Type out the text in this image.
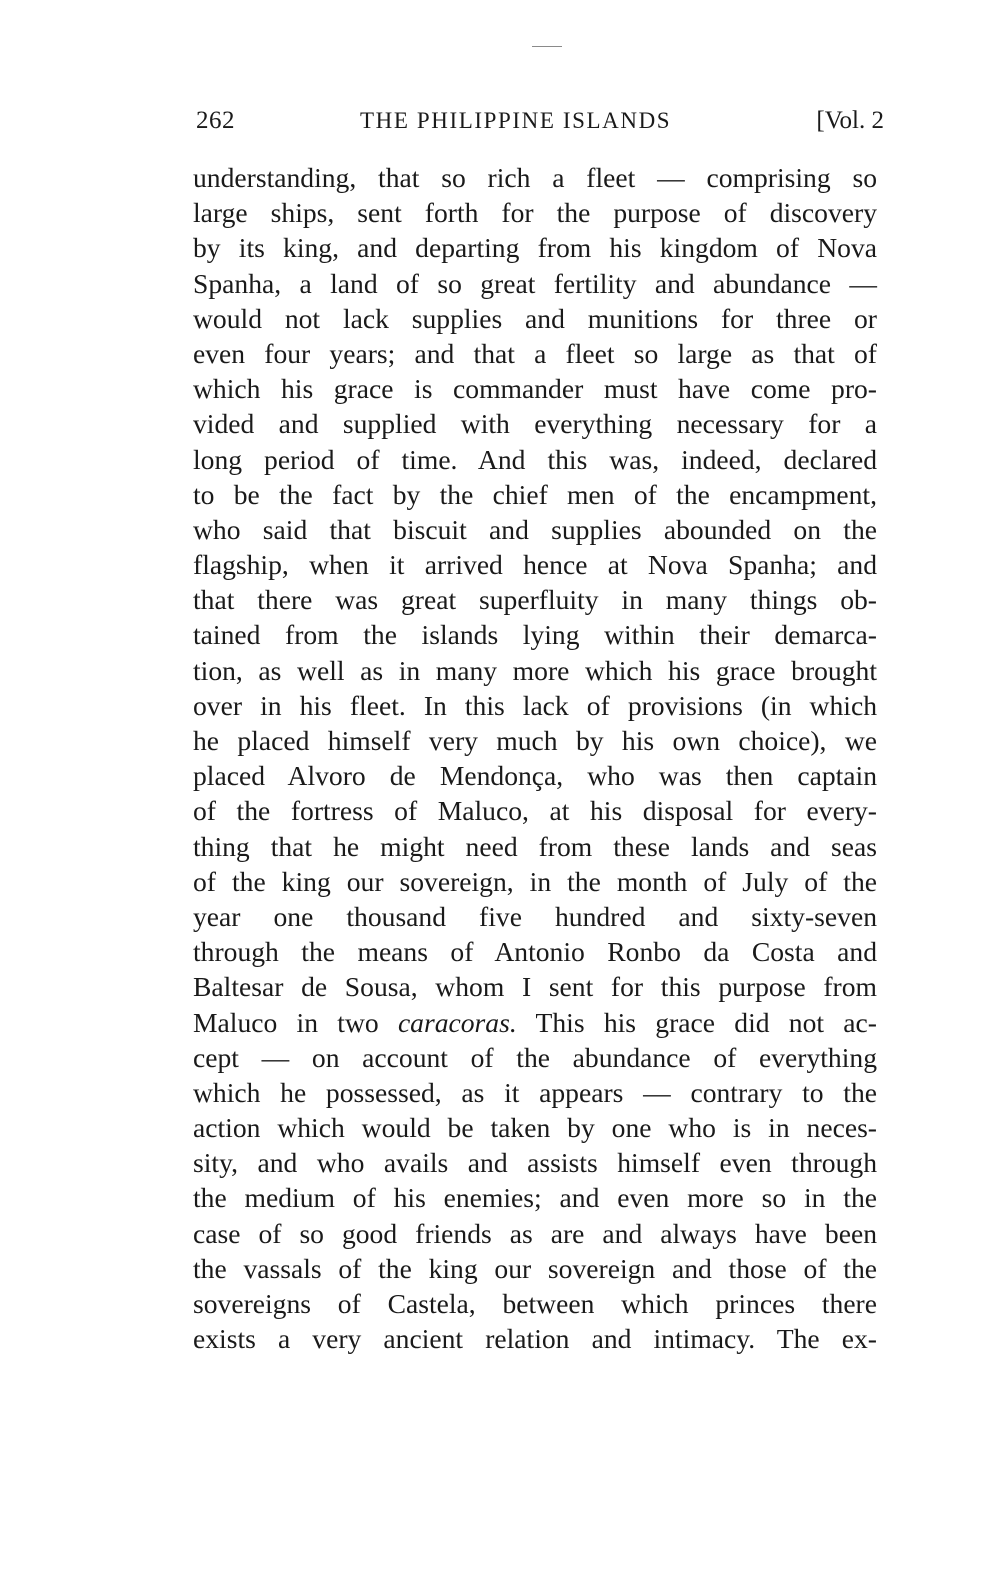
262	THE PHILIPPINE ISLANDS	[Vol. 2
understanding, that so rich a fleet — comprising so
large ships, sent forth for the purpose of discovery
by its king, and departing from his kingdom of Nova
Spanha, a land of so great fertility and abundance —
would not lack supplies and munitions for three or
even four years; and that a fleet so large as that of
which his grace is commander must have come pro-
vided and supplied with everything necessary for a
long period of time. And this was, indeed, declared
to be the fact by the chief men of the encampment,
who said that biscuit and supplies abounded on the
flagship, when it arrived hence at Nova Spanha; and
that there was great superfluity in many things ob-
tained from the islands lying within their demarca-
tion, as well as in many more which his grace brought
over in his fleet. In this lack of provisions (in which
he placed himself very much by his own choice), we
placed Alvoro de Mendonça, who was then captain
of the fortress of Maluco, at his disposal for every-
thing that he might need from these lands and seas
of the king our sovereign, in the month of July of the
year one thousand five hundred and sixty-seven
through the means of Antonio Ronbo da Costa and
Baltesar de Sousa, whom I sent for this purpose from
Maluco in two caracoras. This his grace did not ac-
cept — on account of the abundance of everything
which he possessed, as it appears — contrary to the
action which would be taken by one who is in neces-
sity, and who avails and assists himself even through
the medium of his enemies; and even more so in the
case of so good friends as are and always have been
the vassals of the king our sovereign and those of the
sovereigns of Castela, between which princes there
exists a very ancient relation and intimacy. The ex-
